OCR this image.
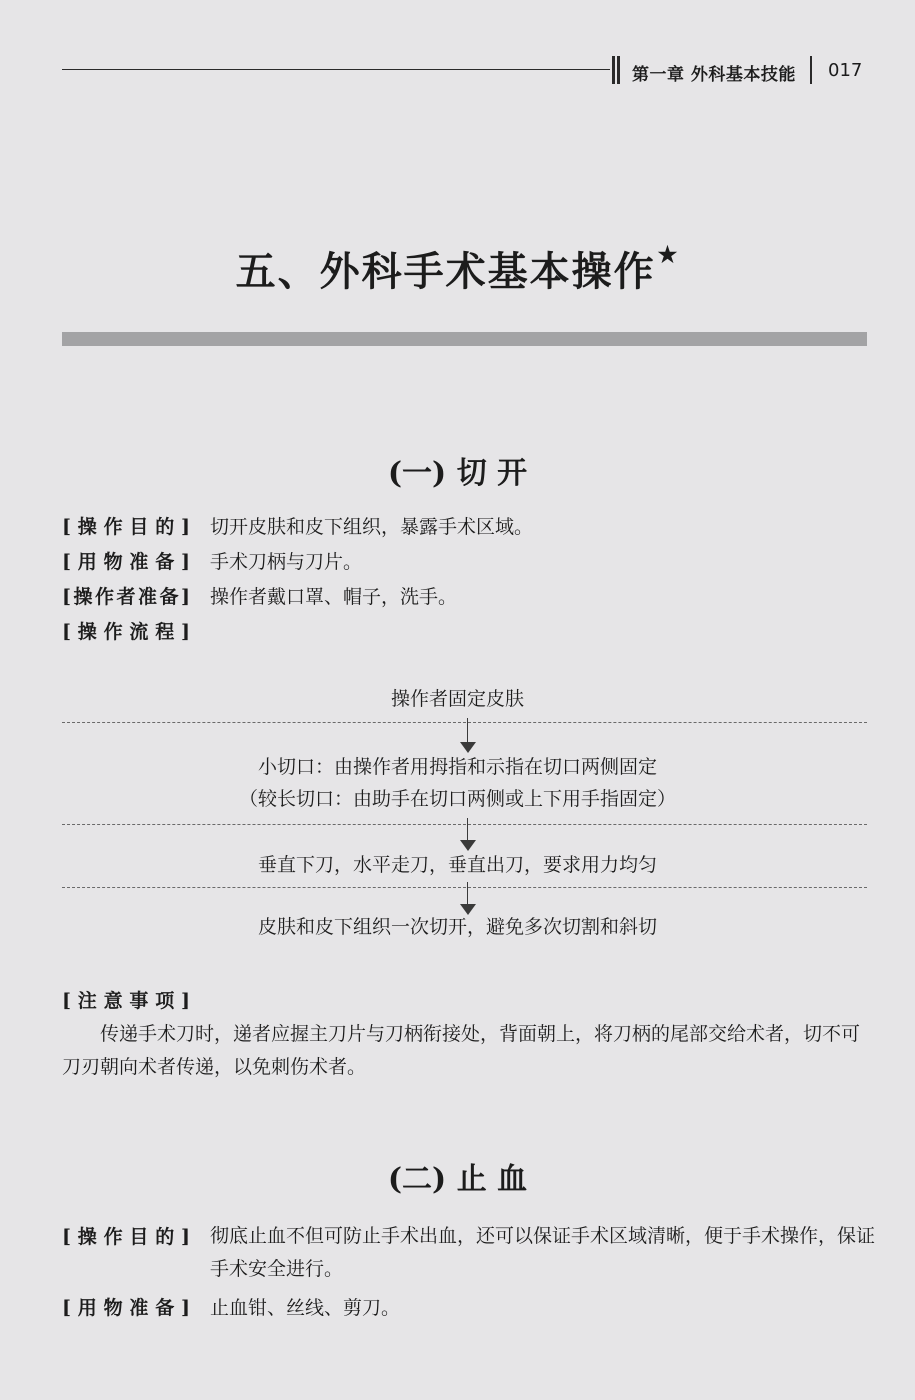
第一章 外科基本技能 017
五、外科手术基本操作★
(一) 切 开
[操作目的] 切开皮肤和皮下组织，暴露手术区域。
[用物准备] 手术刀柄与刀片。
[操作者准备] 操作者戴口罩、帽子，洗手。
[操作流程]
操作者固定皮肤
小切口：由操作者用拇指和示指在切口两侧固定
（较长切口：由助手在切口两侧或上下用手指固定）
垂直下刀，水平走刀，垂直出刀，要求用力均匀
皮肤和皮下组织一次切开，避免多次切割和斜切
[注意事项]
传递手术刀时，递者应握主刀片与刀柄衔接处，背面朝上，将刀柄的尾部交给术者，切不可刀刃朝向术者传递，以免刺伤术者。
(二) 止 血
[操作目的] 彻底止血不但可防止手术出血，还可以保证手术区域清晰，便于手术操作，保证手术安全进行。
[用物准备] 止血钳、丝线、剪刀。
